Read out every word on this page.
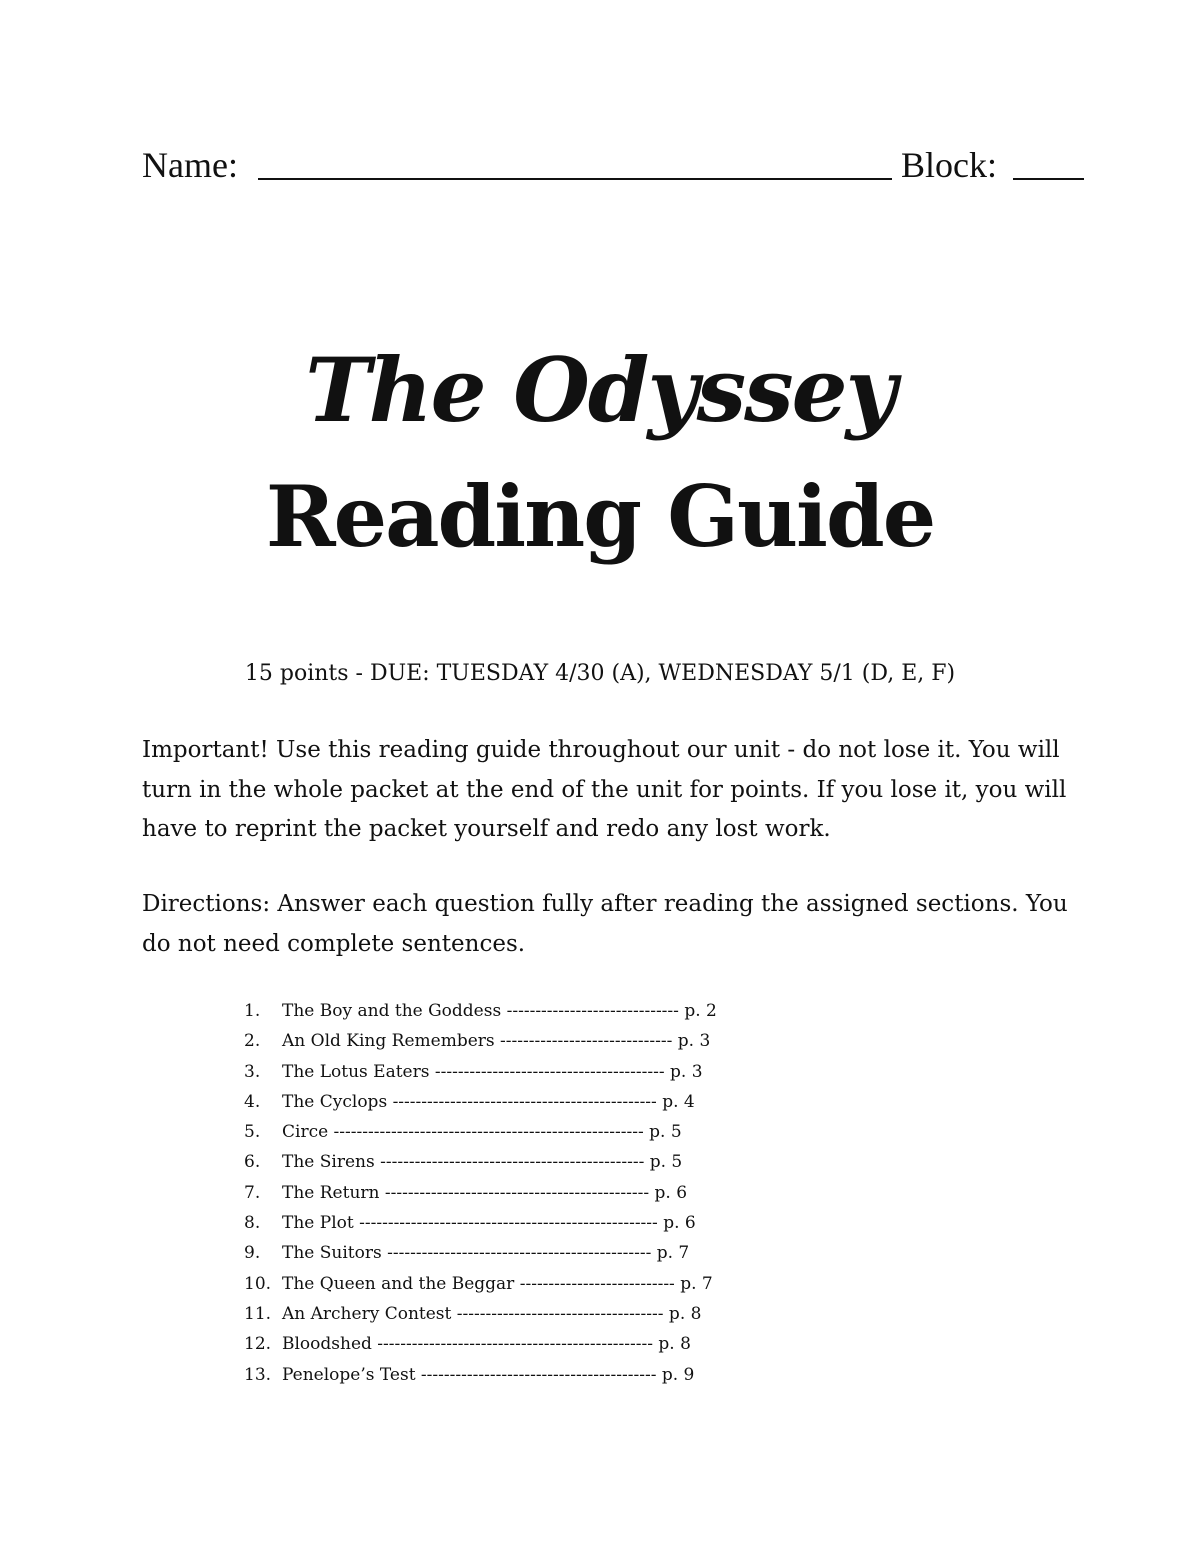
Name:	Block:
The Odyssey
Reading Guide
15 points - DUE: TUESDAY 4/30 (A), WEDNESDAY 5/1 (D, E, F)
Important! Use this reading guide throughout our unit - do not lose it. You will turn in the whole packet at the end of the unit for points. If you lose it, you will have to reprint the packet yourself and redo any lost work.
Directions: Answer each question fully after reading the assigned sections. You do not need complete sentences.
1.	The Boy and the Goddess ------------------------------ p. 2
2.	An Old King Remembers ------------------------------ p. 3
3.	The Lotus Eaters ---------------------------------------- p. 3
4.	The Cyclops ---------------------------------------------- p. 4
5.	Circe ------------------------------------------------------ p. 5
6.	The Sirens ---------------------------------------------- p. 5
7.	The Return ---------------------------------------------- p. 6
8.	The Plot ---------------------------------------------------- p. 6
9.	The Suitors ---------------------------------------------- p. 7
10. The Queen and the Beggar --------------------------- p. 7
11. An Archery Contest ------------------------------------ p. 8
12. Bloodshed ------------------------------------------------ p. 8
13. Penelope’s Test ----------------------------------------- p. 9
